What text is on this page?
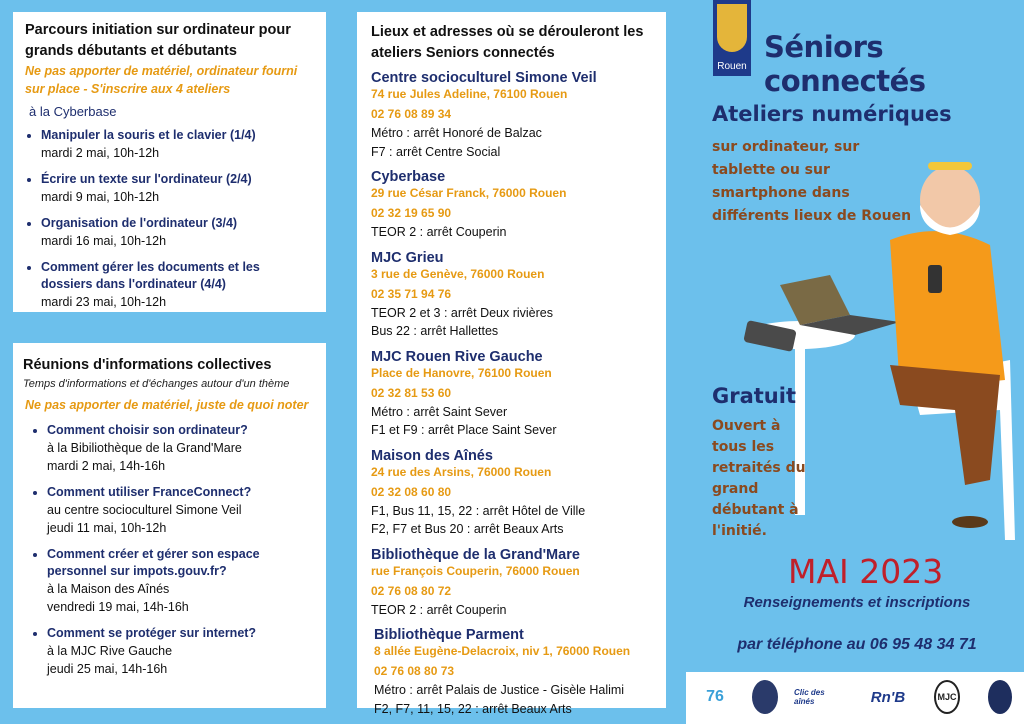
Parcours initiation sur ordinateur pour grands débutants et débutants
Ne pas apporter de matériel, ordinateur fourni sur place - S'inscrire aux 4 ateliers
à la Cyberbase
• Manipuler la souris et le clavier (1/4)
mardi 2 mai, 10h-12h
• Écrire un texte sur l'ordinateur (2/4)
mardi 9 mai, 10h-12h
• Organisation de l'ordinateur (3/4)
mardi 16 mai, 10h-12h
• Comment gérer les documents et les dossiers dans l'ordinateur (4/4)
mardi 23 mai, 10h-12h
Réunions d'informations collectives
Temps d'informations et d'échanges autour d'un thème
Ne pas apporter de matériel, juste de quoi noter
• Comment choisir son ordinateur?
à la Bibiliothèque de la Grand'Mare
mardi 2 mai, 14h-16h
• Comment utiliser FranceConnect?
au centre socioculturel Simone Veil
jeudi 11 mai, 10h-12h
• Comment créer et gérer son espace personnel sur impots.gouv.fr?
à la Maison des Aînés
vendredi 19 mai, 14h-16h
• Comment se protéger sur internet?
à la MJC Rive Gauche
jeudi 25 mai, 14h-16h
Lieux et adresses où se dérouleront les ateliers Seniors connectés
Centre socioculturel Simone Veil
74 rue Jules Adeline, 76100 Rouen
02 76 08 89 34
Métro : arrêt Honoré de Balzac
F7 : arrêt Centre Social
Cyberbase
29 rue César Franck, 76000 Rouen
02 32 19 65 90
TEOR 2 : arrêt Couperin
MJC Grieu
3 rue de Genève, 76000 Rouen
02 35 71 94 76
TEOR 2 et 3 : arrêt Deux rivières
Bus 22 : arrêt Hallettes
MJC Rouen Rive Gauche
Place de Hanovre, 76100 Rouen
02 32 81 53 60
Métro : arrêt Saint Sever
F1 et F9 : arrêt Place Saint Sever
Maison des Aînés
24 rue des Arsins, 76000 Rouen
02 32 08 60 80
F1, Bus 11, 15, 22 : arrêt Hôtel de Ville
F2, F7 et Bus 20 : arrêt Beaux Arts
Bibliothèque de la Grand'Mare
rue François Couperin, 76000 Rouen
02 76 08 80 72
TEOR 2 : arrêt Couperin
Bibliothèque Parment
8 allée Eugène-Delacroix, niv 1, 76000 Rouen
02 76 08 80 73
Métro : arrêt Palais de Justice - Gisèle Halimi
F2, F7, 11, 15, 22 : arrêt Beaux Arts
Rouen
Séniors connectés
Ateliers numériques
sur ordinateur, sur tablette ou sur smartphone dans différents lieux de Rouen
Gratuit
Ouvert à tous les retraités du grand débutant à l'initié.
MAI 2023
Renseignements et inscriptions
par téléphone au 06 95 48 34 71
76	Clic des aînés	Rn'B	MJC
